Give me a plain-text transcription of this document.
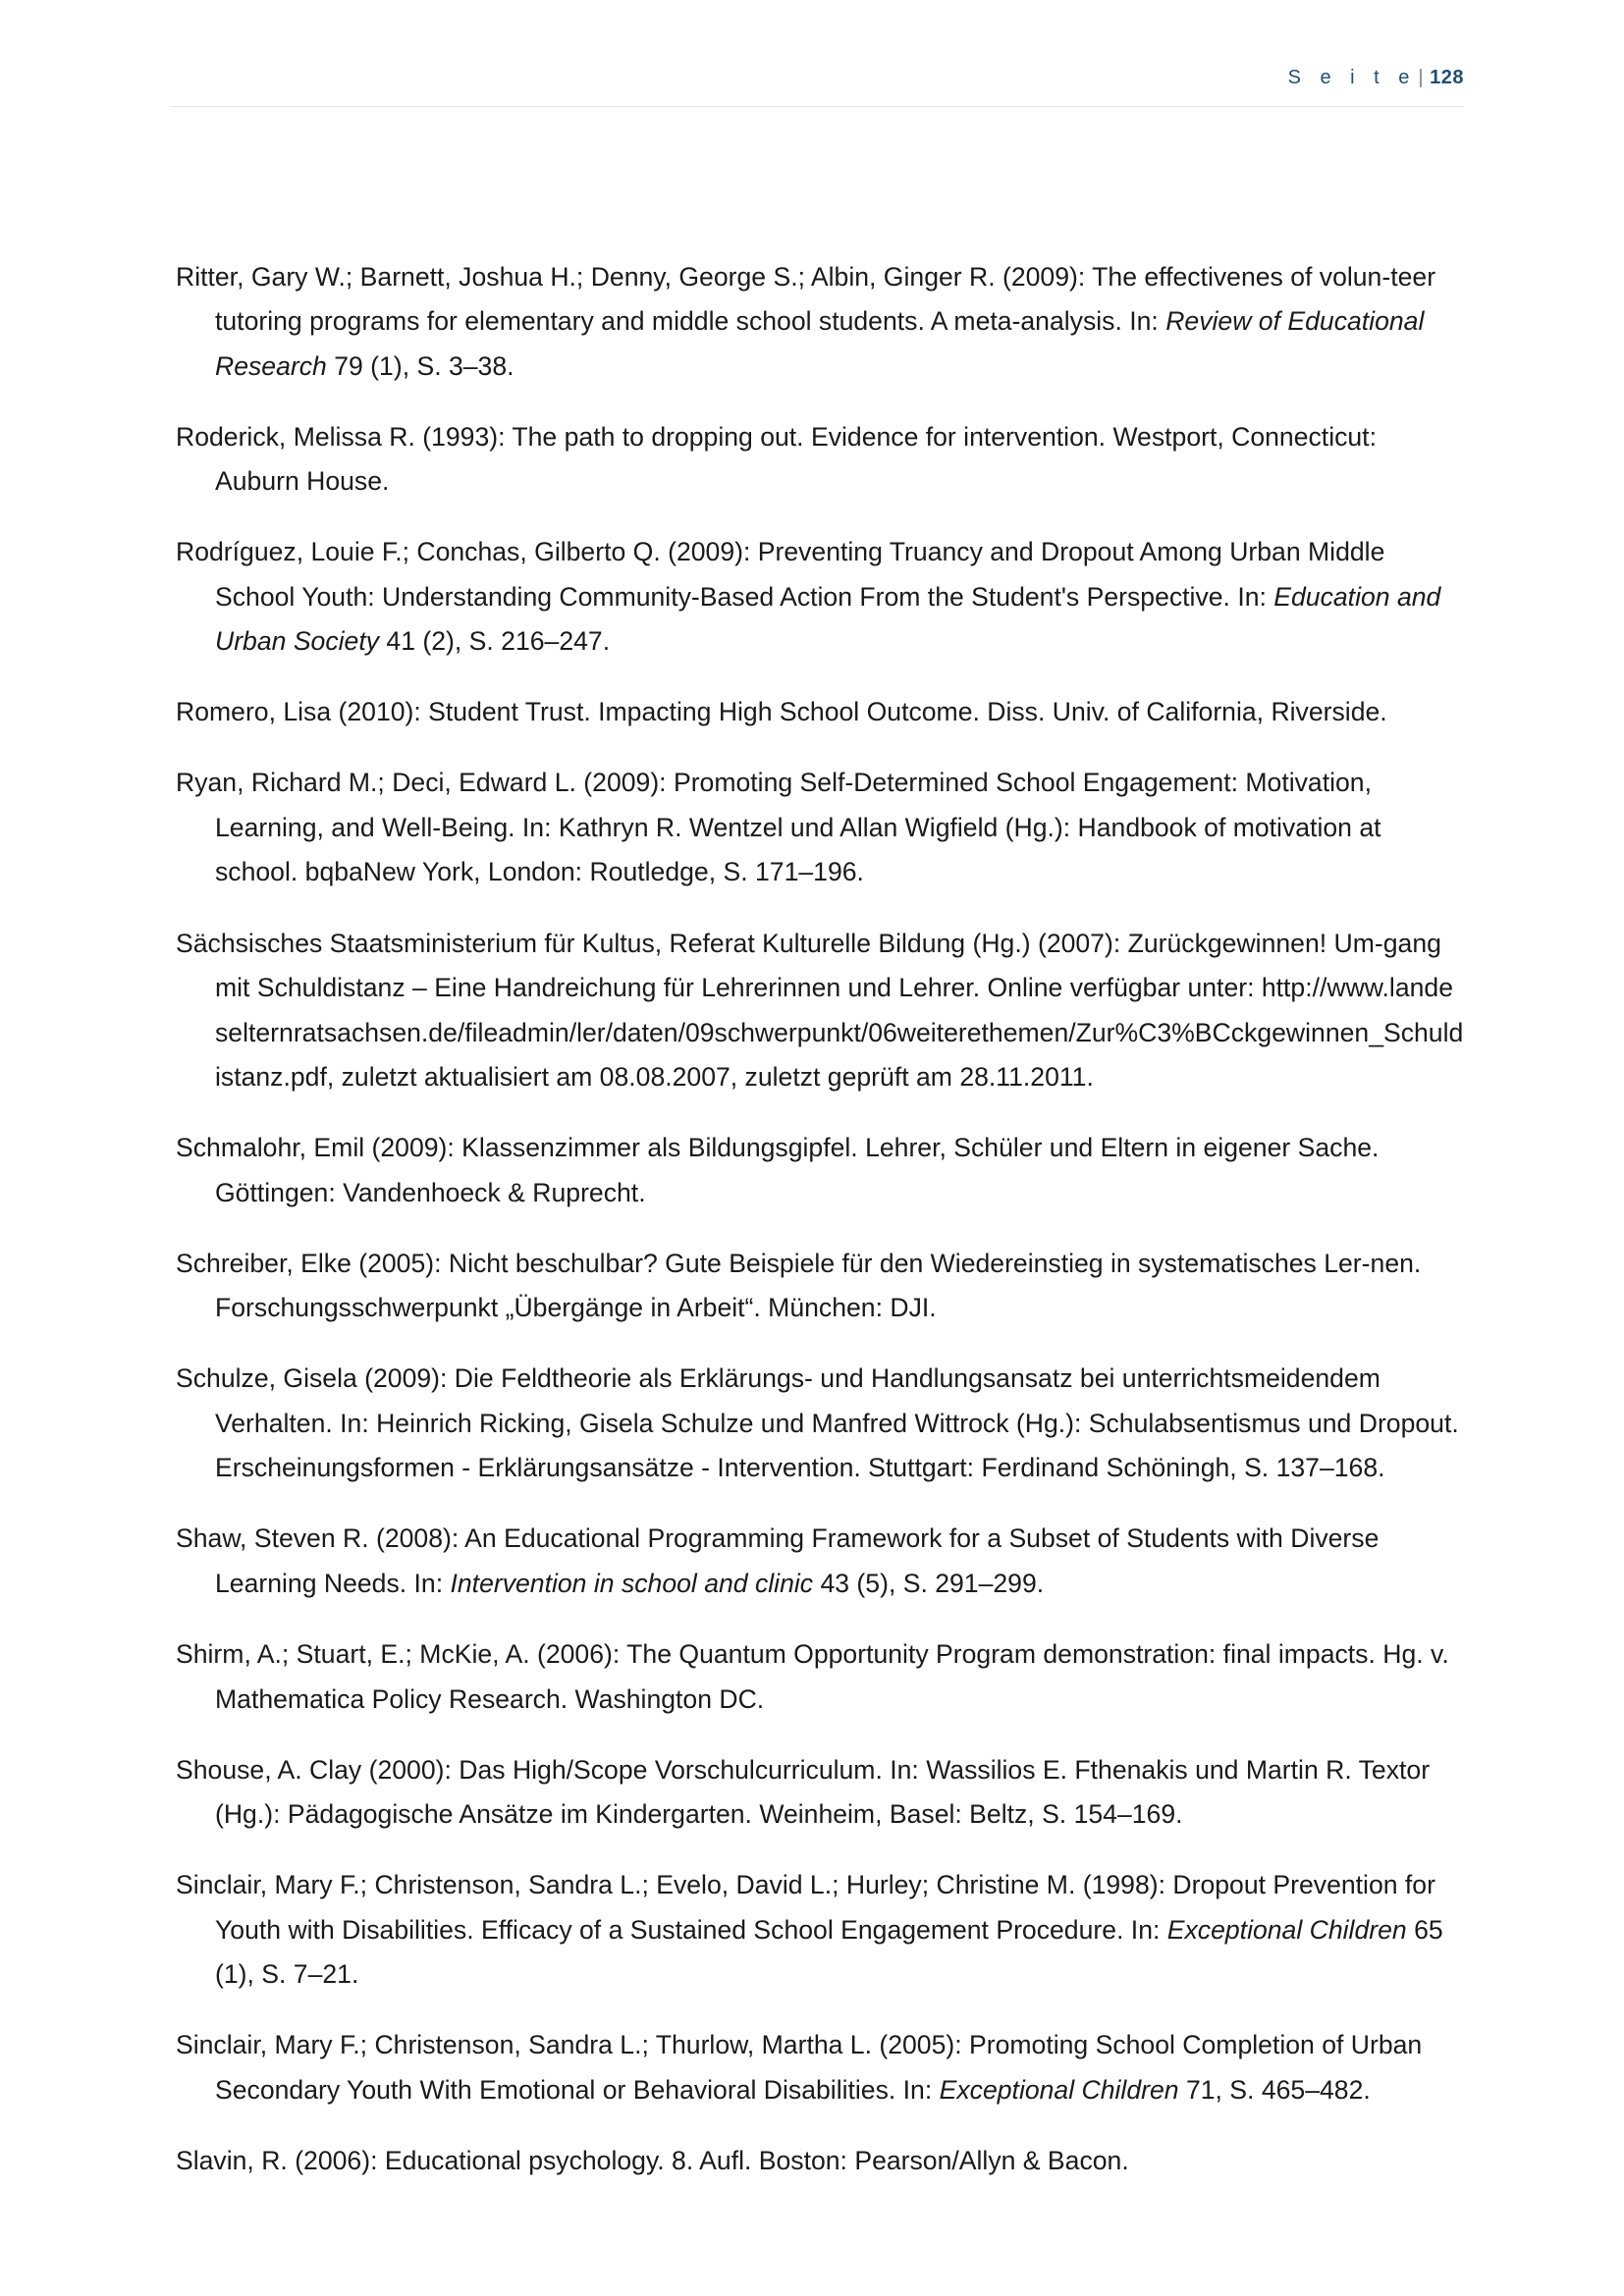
S e i t e | 128

Ritter, Gary W.; Barnett, Joshua H.; Denny, George S.; Albin, Ginger R. (2009): The effectivenes of volun-teer tutoring programs for elementary and middle school students. A meta-analysis. In: Review of Educational Research 79 (1), S. 3–38.

Roderick, Melissa R. (1993): The path to dropping out. Evidence for intervention. Westport, Connecticut: Auburn House.

Rodríguez, Louie F.; Conchas, Gilberto Q. (2009): Preventing Truancy and Dropout Among Urban Middle School Youth: Understanding Community-Based Action From the Student's Perspective. In: Education and Urban Society 41 (2), S. 216–247.

Romero, Lisa (2010): Student Trust. Impacting High School Outcome. Diss. Univ. of California, Riverside.

Ryan, Richard M.; Deci, Edward L. (2009): Promoting Self-Determined School Engagement: Motivation, Learning, and Well-Being. In: Kathryn R. Wentzel und Allan Wigfield (Hg.): Handbook of motivation at school. bqbaNew York, London: Routledge, S. 171–196.

Sächsisches Staatsministerium für Kultus, Referat Kulturelle Bildung (Hg.) (2007): Zurückgewinnen! Um-gang mit Schuldistanz – Eine Handreichung für Lehrerinnen und Lehrer. Online verfügbar unter: http://www.landeselternratsachsen.de/fileadmin/ler/daten/09schwerpunkt/06weiterethemen/Zur%C3%BCckgewinnen_Schuldistanz.pdf, zuletzt aktualisiert am 08.08.2007, zuletzt geprüft am 28.11.2011.

Schmalohr, Emil (2009): Klassenzimmer als Bildungsgipfel. Lehrer, Schüler und Eltern in eigener Sache. Göttingen: Vandenhoeck & Ruprecht.

Schreiber, Elke (2005): Nicht beschulbar? Gute Beispiele für den Wiedereinstieg in systematisches Ler-nen. Forschungsschwerpunkt „Übergänge in Arbeit“. München: DJI.

Schulze, Gisela (2009): Die Feldtheorie als Erklärungs- und Handlungsansatz bei unterrichtsmeidendem Verhalten. In: Heinrich Ricking, Gisela Schulze und Manfred Wittrock (Hg.): Schulabsentismus und Dropout. Erscheinungsformen - Erklärungsansätze - Intervention. Stuttgart: Ferdinand Schöningh, S. 137–168.

Shaw, Steven R. (2008): An Educational Programming Framework for a Subset of Students with Diverse Learning Needs. In: Intervention in school and clinic 43 (5), S. 291–299.

Shirm, A.; Stuart, E.; McKie, A. (2006): The Quantum Opportunity Program demonstration: final impacts. Hg. v. Mathematica Policy Research. Washington DC.

Shouse, A. Clay (2000): Das High/Scope Vorschulcurriculum. In: Wassilios E. Fthenakis und Martin R. Textor (Hg.): Pädagogische Ansätze im Kindergarten. Weinheim, Basel: Beltz, S. 154–169.

Sinclair, Mary F.; Christenson, Sandra L.; Evelo, David L.; Hurley; Christine M. (1998): Dropout Prevention for Youth with Disabilities. Efficacy of a Sustained School Engagement Procedure. In: Exceptional Children 65 (1), S. 7–21.

Sinclair, Mary F.; Christenson, Sandra L.; Thurlow, Martha L. (2005): Promoting School Completion of Urban Secondary Youth With Emotional or Behavioral Disabilities. In: Exceptional Children 71, S. 465–482.

Slavin, R. (2006): Educational psychology. 8. Aufl. Boston: Pearson/Allyn & Bacon.
